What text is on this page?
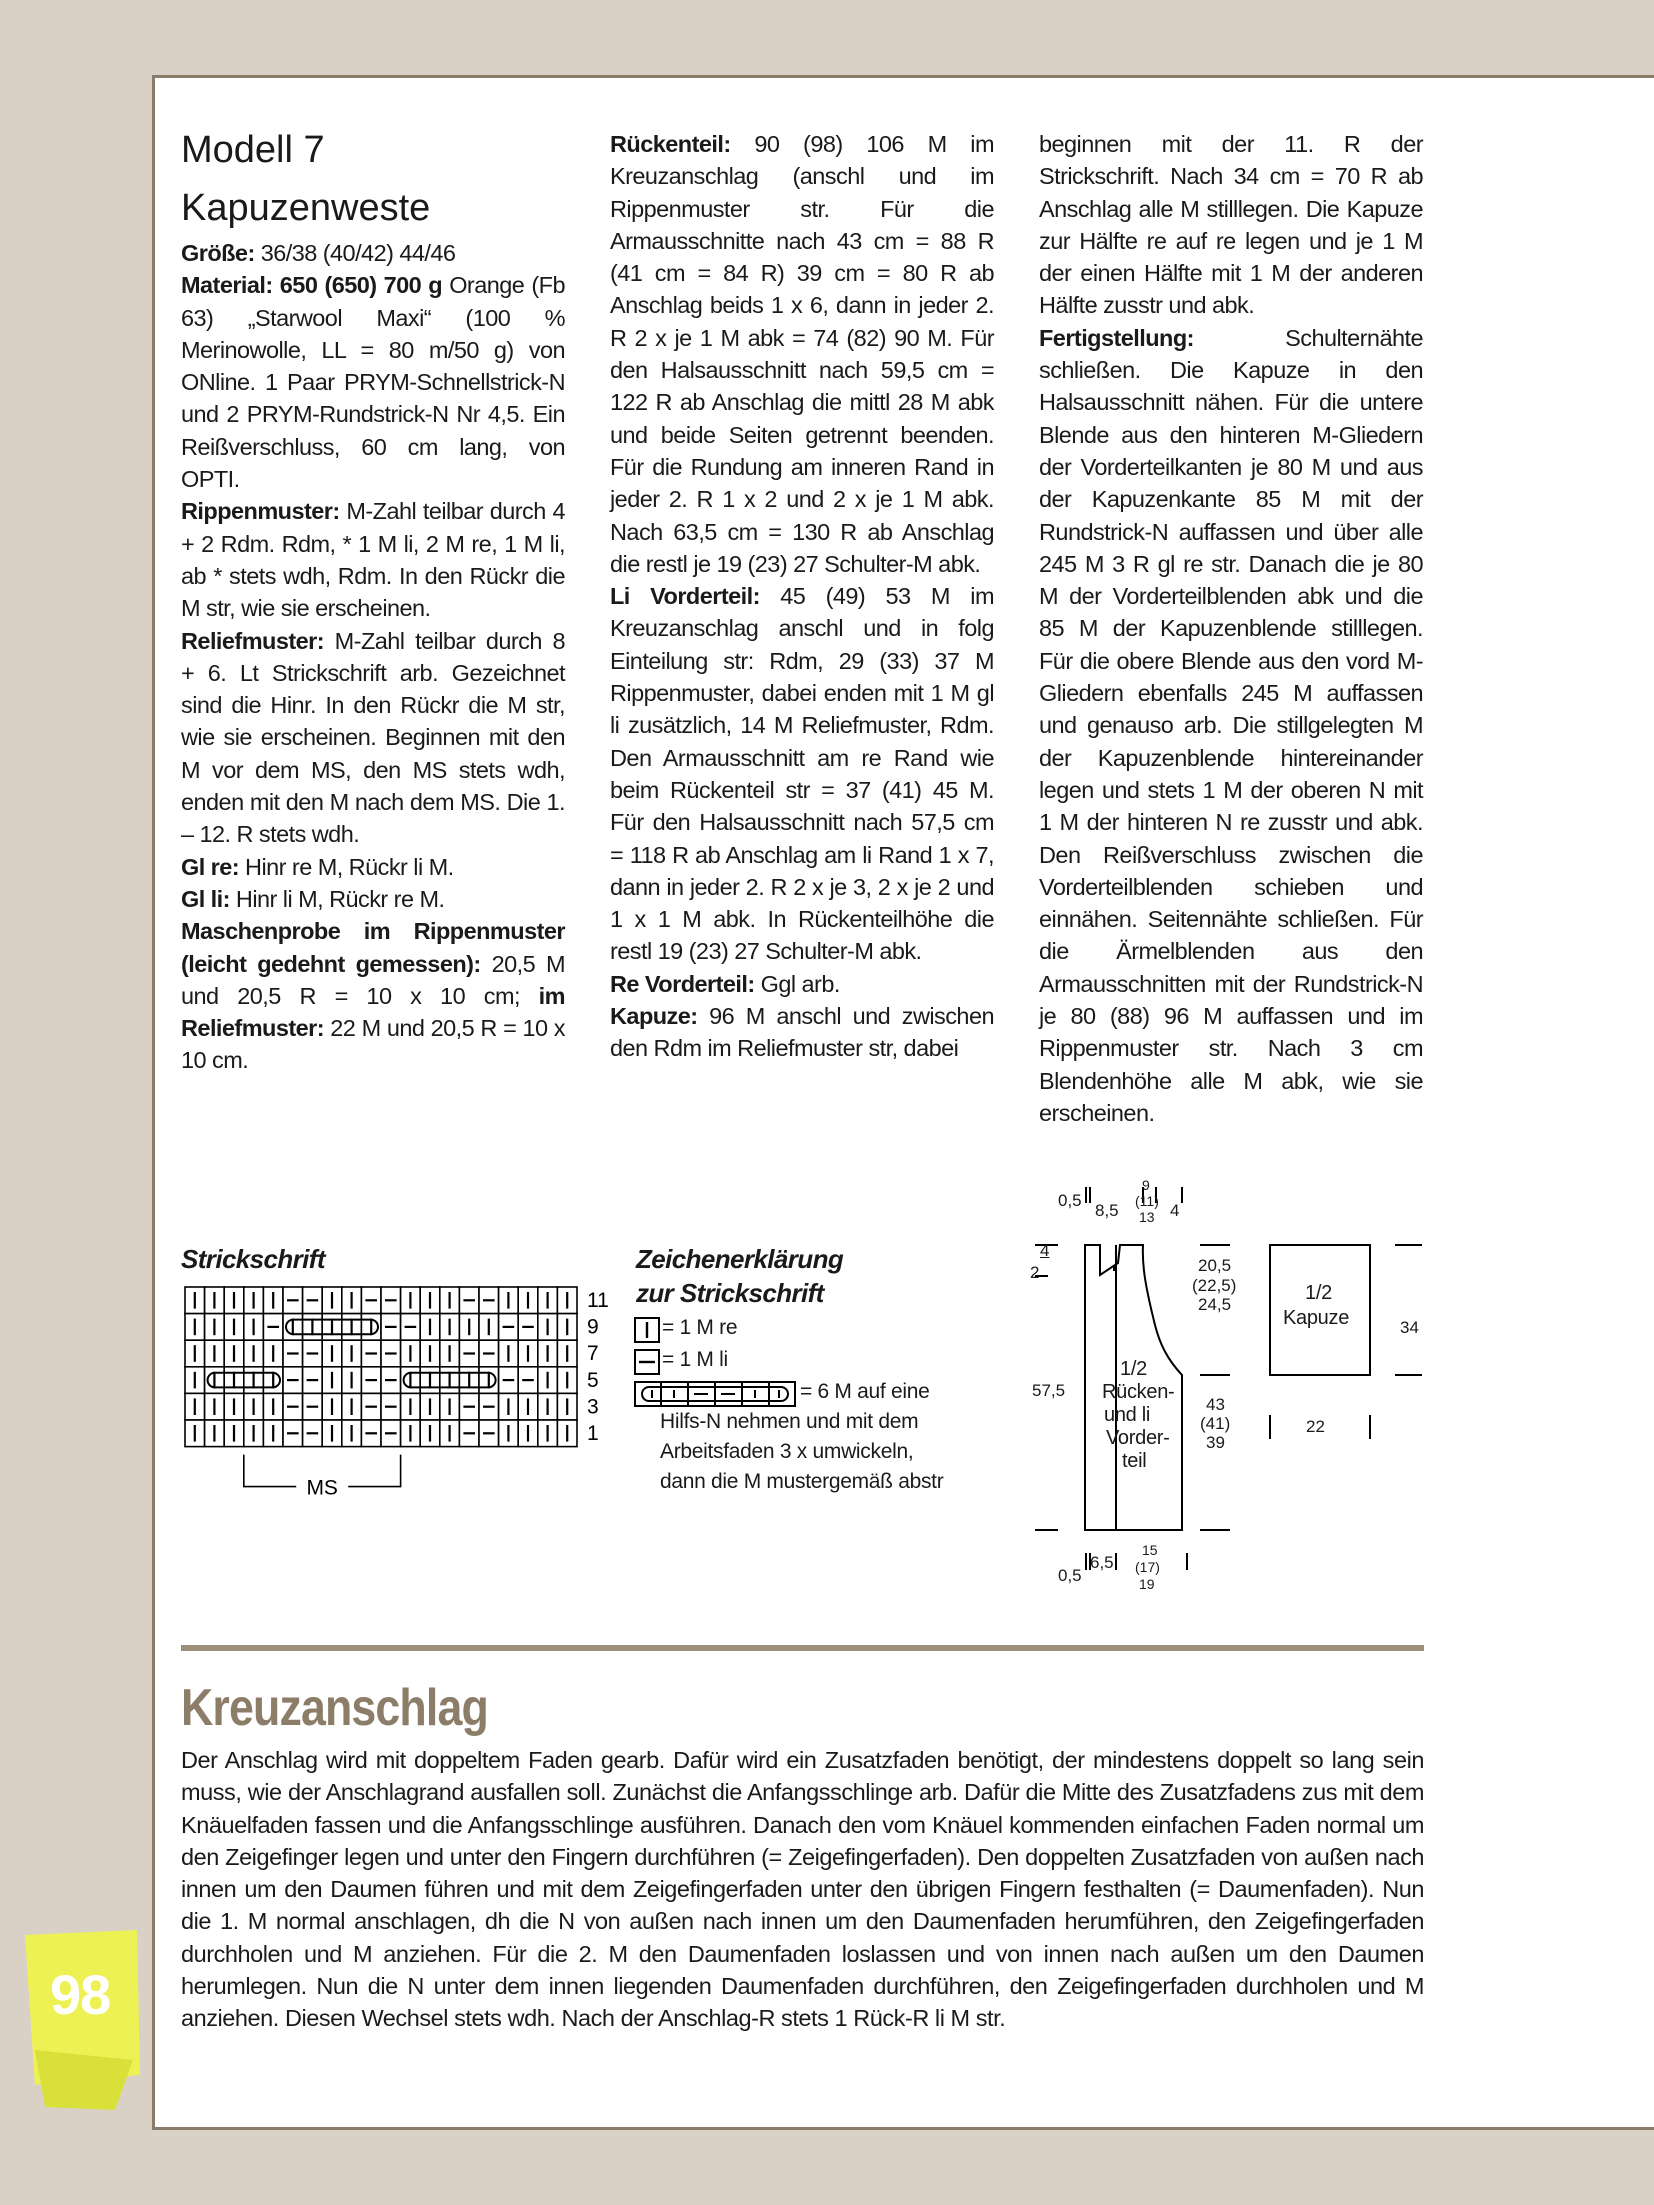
Modell 7
Kapuzenweste

Größe: 36/38 (40/42) 44/46

Material: 650 (650) 700 g Orange (Fb 63) „Starwool Maxi“ (100 % Merinowolle, LL = 80 m/50 g) von ONline. 1 Paar PRYM-Schnellstrick-N und 2 PRYM-Rundstrick-N Nr 4,5. Ein Reißverschluss, 60 cm lang, von OPTI.

Rippenmuster: M-Zahl teilbar durch 4 + 2 Rdm. Rdm, * 1 M li, 2 M re, 1 M li, ab * stets wdh, Rdm. In den Rückr die M str, wie sie erscheinen.

Reliefmuster: M-Zahl teilbar durch 8 + 6. Lt Strickschrift arb. Gezeichnet sind die Hinr. In den Rückr die M str, wie sie erscheinen. Beginnen mit den M vor dem MS, den MS stets wdh, enden mit den M nach dem MS. Die 1. – 12. R stets wdh.

Gl re: Hinr re M, Rückr li M.

Gl li: Hinr li M, Rückr re M.

Maschenprobe im Rippenmuster (leicht gedehnt gemessen): 20,5 M und 20,5 R = 10 x 10 cm; im Reliefmuster: 22 M und 20,5 R = 10 x 10 cm.

Rückenteil: 90 (98) 106 M im Kreuzanschlag (anschl und im Rippenmuster str. Für die Armausschnitte nach 43 cm = 88 R (41 cm = 84 R) 39 cm = 80 R ab Anschlag beids 1 x 6, dann in jeder 2. R 2 x je 1 M abk = 74 (82) 90 M. Für den Halsausschnitt nach 59,5 cm = 122 R ab Anschlag die mittl 28 M abk und beide Seiten getrennt beenden. Für die Rundung am inneren Rand in jeder 2. R 1 x 2 und 2 x je 1 M abk. Nach 63,5 cm = 130 R ab Anschlag die restl je 19 (23) 27 Schulter-M abk.

Li Vorderteil: 45 (49) 53 M im Kreuzanschlag anschl und in folg Einteilung str: Rdm, 29 (33) 37 M Rippenmuster, dabei enden mit 1 M gl li zusätzlich, 14 M Reliefmuster, Rdm. Den Armausschnitt am re Rand wie beim Rückenteil str = 37 (41) 45 M. Für den Halsausschnitt nach 57,5 cm = 118 R ab Anschlag am li Rand 1 x 7, dann in jeder 2. R 2 x je 3, 2 x je 2 und 1 x 1 M abk. In Rückenteilhöhe die restl 19 (23) 27 Schulter-M abk.

Re Vorderteil: Ggl arb.

Kapuze: 96 M anschl und zwischen den Rdm im Reliefmuster str, dabei

beginnen mit der 11. R der Strickschrift. Nach 34 cm = 70 R ab Anschlag alle M stilllegen. Die Kapuze zur Hälfte re auf re legen und je 1 M der einen Hälfte mit 1 M der anderen Hälfte zusstr und abk.

Fertigstellung: Schulternähte schließen. Die Kapuze in den Halsausschnitt nähen. Für die untere Blende aus den hinteren M-Gliedern der Vorderteilkanten je 80 M und aus der Kapuzenkante 85 M mit der Rundstrick-N auffassen und über alle 245 M 3 R gl re str. Danach die je 80 M der Vorderteilblenden abk und die 85 M der Kapuzenblende stilllegen. Für die obere Blende aus den vord M-Gliedern ebenfalls 245 M auffassen und genauso arb. Die stillgelegten M der Kapuzenblende hintereinander legen und stets 1 M der oberen N mit 1 M der hinteren N re zusstr und abk. Den Reißverschluss zwischen die Vorderteilblenden schieben und einnähen. Seitennähte schließen. Für die Ärmelblenden aus den Armausschnitten mit der Rundstrick-N je 80 (88) 96 M auffassen und im Rippenmuster str. Nach 3 cm Blendenhöhe alle M abk, wie sie erscheinen.

Strickschrift
11
9
7
5
3
1
MS
Zeichenerklärung
zur Strickschrift
= 1 M re
= 1 M li
= 6 M auf eine
Hilfs-N nehmen und mit dem
Arbeitsfaden 3 x umwickeln,
dann die M mustergemäß abstr
9
(11)
13
0,5
8,5	4
4
2	20,5
(22,5)
24,5
1/2
Rücken-
und li
Vorder-
teil
57,5
43
(41)
39
0,5
6,5
15
(17)
19
1/2
Kapuze	34
22
Kreuzanschlag

Der Anschlag wird mit doppeltem Faden gearb. Dafür wird ein Zusatzfaden benötigt, der mindestens doppelt so lang sein muss, wie der Anschlagrand ausfallen soll. Zunächst die Anfangsschlinge arb. Dafür die Mitte des Zusatzfadens zus mit dem Knäuelfaden fassen und die Anfangsschlinge ausführen. Danach den vom Knäuel kommenden einfachen Faden normal um den Zeigefinger legen und unter den Fingern durchführen (= Zeigefingerfaden). Den doppelten Zusatzfaden von außen nach innen um den Daumen führen und mit dem Zeigefingerfaden unter den übrigen Fingern festhalten (= Daumenfaden). Nun die 1. M normal anschlagen, dh die N von außen nach innen um den Daumenfaden herumführen, den Zeigefingerfaden durchholen und M anziehen. Für die 2. M den Daumenfaden loslassen und von innen nach außen um den Daumen herumlegen. Nun die N unter dem innen liegenden Daumenfaden durchführen, den Zeigefingerfaden durchholen und M anziehen. Diesen Wechsel stets wdh. Nach der Anschlag-R stets 1 Rück-R li M str.

98
